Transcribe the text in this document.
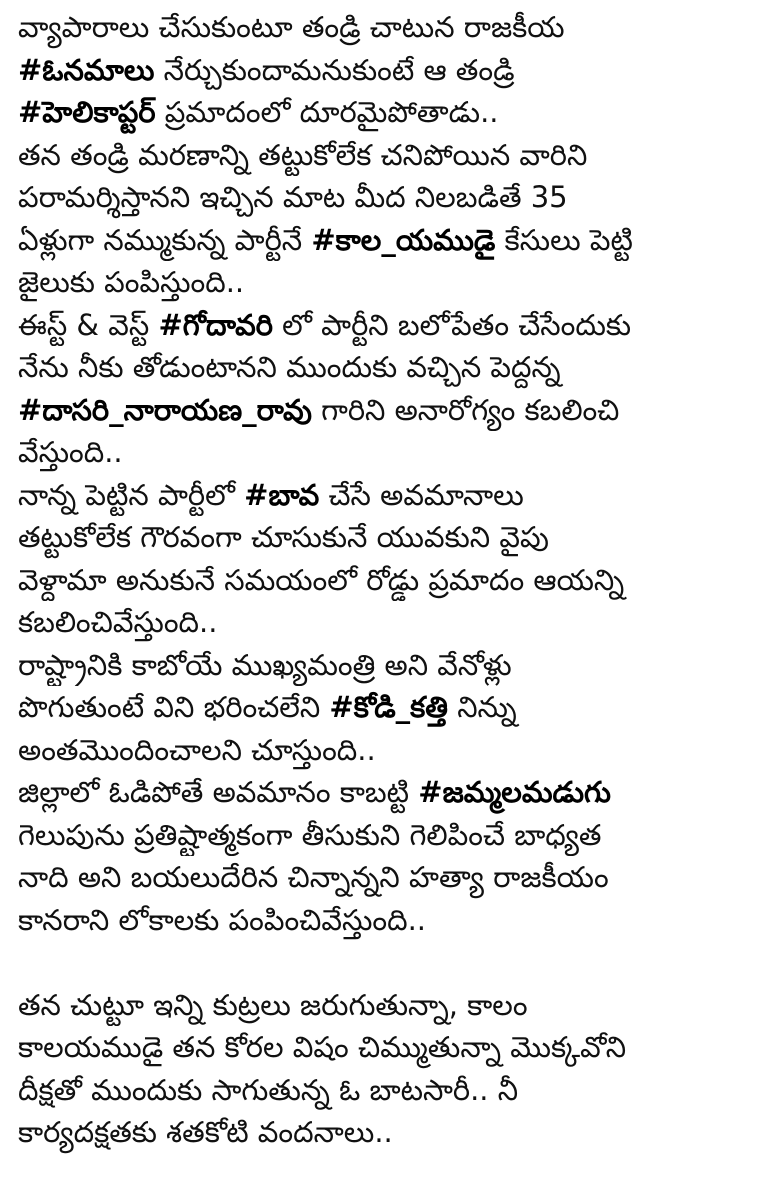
వ్యాపారాలు చేసుకుంటూ తండ్రి చాటున రాజకీయ
#ఓనమాలు నేర్చుకుందామనుకుంటే ఆ తండ్రి
#హెలికాప్టర్ ప్రమాదంలో దూరమైపోతాడు..
తన తండ్రి మరణాన్ని తట్టుకోలేక చనిపోయిన వారిని
పరామర్శిస్తానని ఇచ్చిన మాట మీద నిలబడితే 35
ఏళ్లుగా నమ్ముకున్న పార్టీనే #కాల_యముడై కేసులు పెట్టి
జైలుకు పంపిస్తుంది..
ఈస్ట్ & వెస్ట్ #గోదావరి లో పార్టీని బలోపేతం చేసేందుకు
నేను నీకు తోడుంటానని ముందుకు వచ్చిన పెద్దన్న
#దాసరి_నారాయణ_రావు గారిని అనారోగ్యం కబలించి
వేస్తుంది..
నాన్న పెట్టిన పార్టీలో #బావ చేసే అవమానాలు
తట్టుకోలేక గౌరవంగా చూసుకునే యువకుని వైపు
వెళ్దామా అనుకునే సమయంలో రోడ్డు ప్రమాదం ఆయన్ని
కబలించివేస్తుంది..
రాష్ట్రానికి కాబోయే ముఖ్యమంత్రి అని వేనోళ్లు
పొగుతుంటే విని భరించలేని #కోడి_కత్తి నిన్ను
అంతమొందించాలని చూస్తుంది..
జిల్లాలో ఓడిపోతే అవమానం కాబట్టి #జమ్మలమడుగు
గెలుపును ప్రతిష్టాత్మకంగా తీసుకుని గెలిపించే బాధ్యత
నాది అని బయలుదేరిన చిన్నాన్నని హత్యా రాజకీయం
కానరాని లోకాలకు పంపించివేస్తుంది..
తన చుట్టూ ఇన్ని కుట్రలు జరుగుతున్నా, కాలం
కాలయముడై తన కోరల విషం చిమ్ముతున్నా మొక్కవోని
దీక్షతో ముందుకు సాగుతున్న ఓ బాటసారీ.. నీ
కార్యదక్షతకు శతకోటి వందనాలు..
